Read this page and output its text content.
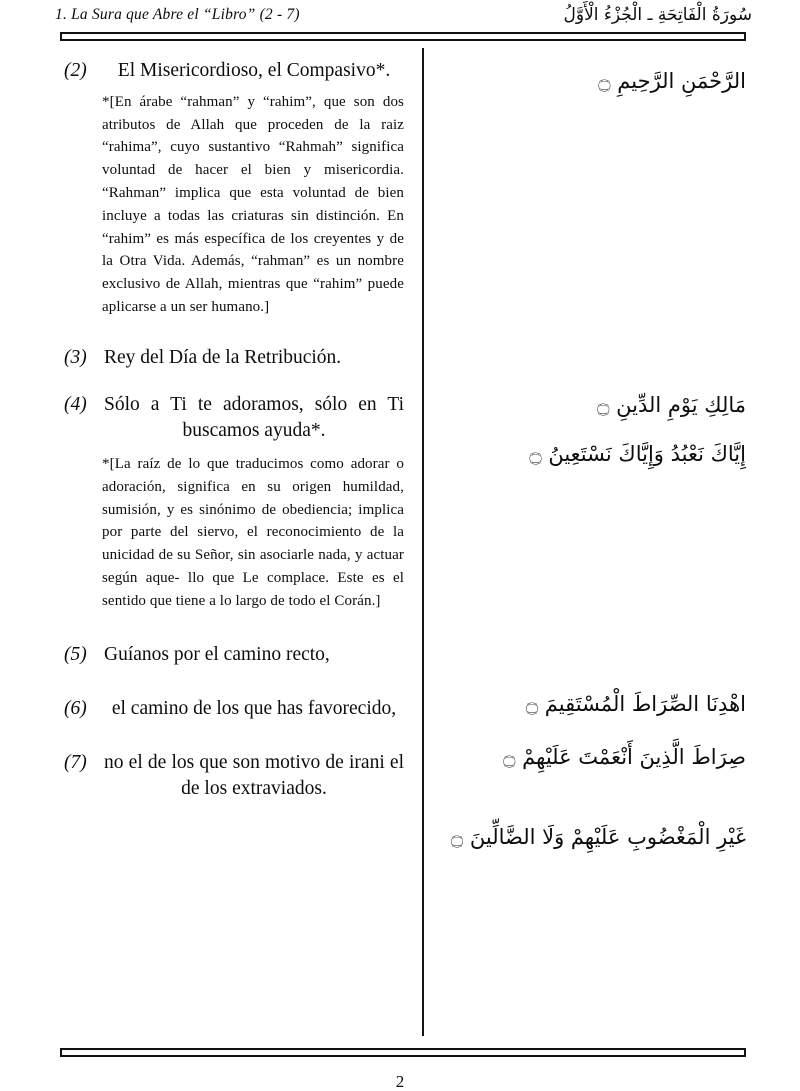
1. La Sura que Abre el “Libro” (2 - 7)	سُورَةُ الْفَاتِحَةِ ـ الْجُزْءُ الْأَوَّلُ
(2)	El Misericordioso, el Compasivo*.
*[En árabe “rahman” y “rahim”, que son dos atributos de Allah que proceden de la raiz “rahima”, cuyo sustantivo “Rahmah” significa voluntad de hacer el bien y misericordia. “Rahman” implica que esta voluntad de bien incluye a todas las criaturas sin distinción. En “rahim” es más específica de los creyentes y de la Otra Vida. Además, “rahman” es un nombre exclusivo de Allah, mientras que “rahim” puede aplicarse a un ser humano.]
(3) Rey del Día de la Retribución.
(4) Sólo a Ti te adoramos, sólo en Ti buscamos ayuda*.
*[La raíz de lo que traducimos como adorar o adoración, significa en su origen humildad, sumisión, y es sinónimo de obediencia; implica por parte del siervo, el reconocimiento de la unicidad de su Señor, sin asociarle nada, y actuar según aque- llo que Le complace. Este es el sentido que tiene a lo largo de todo el Corán.]
(5) Guíanos por el camino recto,
(6)	el camino de los que has favorecido,
(7) no el de los que son motivo de irani el de los extraviados.
الرَّحْمَنِ الرَّحِيمِ ۝
مَالِكِ يَوْمِ الدِّينِ ۝
إِيَّاكَ نَعْبُدُ وَإِيَّاكَ نَسْتَعِينُ ۝
اهْدِنَا الصِّرَاطَ الْمُسْتَقِيمَ ۝
صِرَاطَ الَّذِينَ أَنْعَمْتَ عَلَيْهِمْ ۝
غَيْرِ الْمَغْضُوبِ عَلَيْهِمْ وَلَا الضَّالِّينَ ۝
2
